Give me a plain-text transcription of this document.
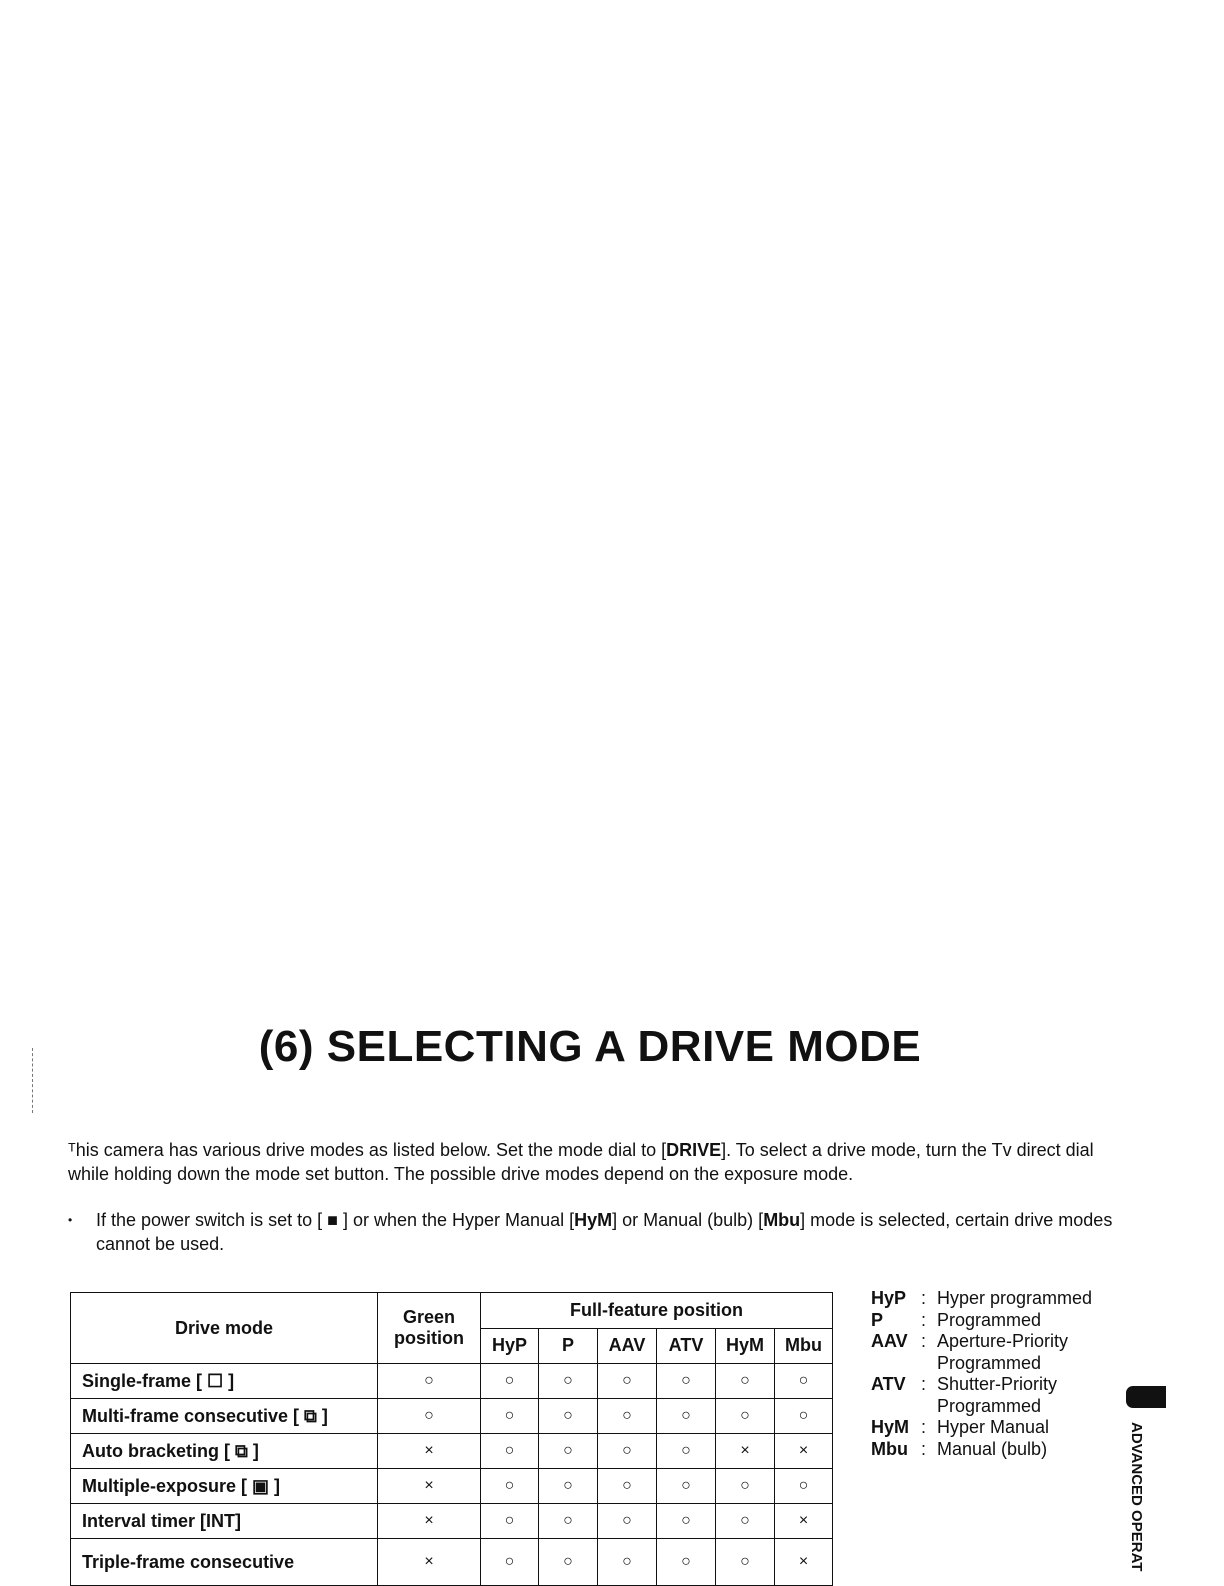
(6) SELECTING A DRIVE MODE

ᵀhis camera has various drive modes as listed below. Set the mode dial to [DRIVE]. To select a drive mode, turn the Tv direct dial while holding down the mode set button. The possible drive modes depend on the exposure mode.

• If the power switch is set to [ ■ ] or when the Hyper Manual [HyM] or Manual (bulb) [Mbu] mode is selected, certain drive modes cannot be used.
Drive mode	Green position	Full-feature position					
		HyP	P	AAV	ATV	HyM	Mbu
Single-frame [ ☐ ]	○	○	○	○	○	○	○
Multi-frame consecutive [ ⧉ ]	○	○	○	○	○	○	○
Auto bracketing [ ⧉ ]	×	○	○	○	○	×	×
Multiple-exposure [ ▣ ]	×	○	○	○	○	○	○
Interval timer [INT]	×	○	○	○	○	○	×
Triple-frame consecutive	×	○	○	○	○	○	×
HyP : Hyper programmed
P	: Programmed
AAV : Aperture-Priority Programmed
ATV : Shutter-Priority Programmed
HyM : Hyper Manual
Mbu : Manual (bulb)	ADVANCED OPERAT
